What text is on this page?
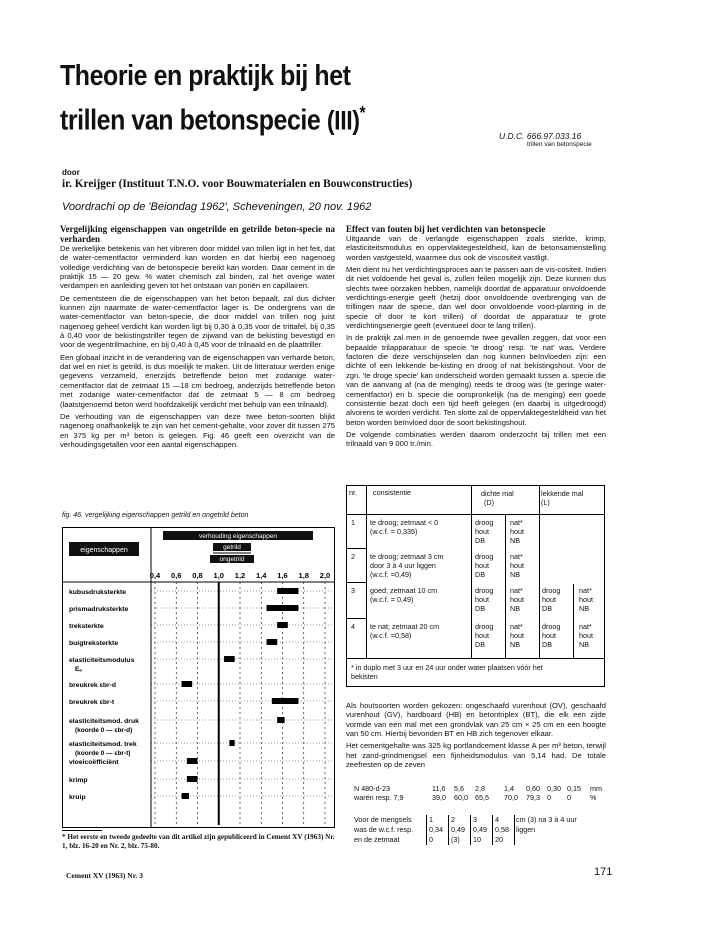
Theorie en praktijk bij het
trillen van betonspecie (III)*
U.D.C. 666.97.033.16
trillen van betonspecie
door
ir. Kreijger (Instituut T.N.O. voor Bouwmaterialen en Bouwconstructies)
Voordrachi op de 'Beiondag 1962', Scheveningen, 20 nov. 1962
Vergelijking eigenschappen van ongetrilde en getrilde beton-specie na verharden

De werkelijke betekenis van het vibreren door middel van trillen ligt in het feit, dat de water-cementfactor verminderd kan worden en dat hierbij een nagenoeg volledige verdichting van de betonspecie bereikt kan worden. Daar cement in de praktijk 15 — 20 gew. % water chemisch zal binden, zal het overige water verdampen en aanleiding geven tot het ontstaan van poriën en capillairen.

De cementsteen die de eigenschappen van het beton bepaalt, zal dus dichter kunnen zijn naarmate de water-cementfactor lager is. De ondergrens van de water-cementfactor van beton-specie, die door middel van trillen nog juist nagenoeg geheel verdicht kan worden ligt bij 0,30 à 0,35 voor de trittafel, bij 0,35 à 0,40 voor de bekistingstriller tegen de zijwand van de bekisting bevestigd en voor de wegentrilmachine, en bij 0,40 à 0,45 voor de trilnaald en de plaattriller.

Een globaal inzicht in de verandering van de eigenschappen van verharde beton, dat wel en niet is getrild, is dus moeilijk te maken. Uit de litteratuur werden enige gegevens verzameld, enerzijds betreffende beton met zodanige water-cementfactor dat de zetmaat 15 —18 cm bedroeg, anderzijds betreffende beton met zodanige water-cementfactor dat de zetmaat 5 — 8 cm bedroeg (laatstgenoemd beton werd hoofdzakelijk verdicht met behulp van een trilnaald).

De verhouding van de eigenschappen van deze twee beton-soorten blijkt nagenoeg onafhankelijk te zijn van het cement-gehalte, voor zover dit tussen 275 en 375 kg per m³ beton is gelegen. Fig. 46 geeft een overzicht van de verhoudingsgetallen voor een aantal eigenschappen.

fig. 46. vergelijking eigenschappen getrild en ongetrild beton
eigenschappen
verhouding eigenschappen
getrild
ongetrild
0,4 0,6 0,8 1,0 1,2 1,4 1,6 1,8 2,0
kubusdruksterkte
prismadruksterkte
treksterkte
buigtreksterkte
elasticiteitsmodulus
Eₐ
breukrek εbr-d
breukrek εbr-t
elasticiteitsmod. druk
(koorde 0 — εbr-d)
elasticiteitsmod. trek
(koorde 0 — εbr-t)
vloeicoëfficiënt
krimp
kruip
* Het eerste en tweede gedeelte van dit artikel zijn gepubliceerd in Cement XV (1963) Nr. 1, blz. 16-20 en Nr. 2, blz. 75-80.
Cement XV (1963) Nr. 3	171
Effect van fouten bij het verdichten van betonspecie

Uitgaande van de verlangde eigenschappen zoals sterkte, krimp, elasticiteitsmodulus en oppervlaktegesteldheid, kan de betonsamenstelling worden vastgesteld, waarmee dus ook de viscositeit vastligt.

Men dient nu het verdichtingsproces aan te passen aan de vis-cositeit. Indien dit niet voldoende het geval is, zullen feilen mogelijk zijn. Deze kunnen dus slechts twee oorzaken hebben, namelijk doordat de apparatuur onvoldoende verdichtings-energie geeft (hetzij door onvoldoende overbrenging van de trillingen naar de specie, dan wel door onvoldoende voort-planting in de specie of door te kort trillen) of doordat de apparatuur te grote verdichtingsenergie geeft (eventueel door te lang trillen).

In de praktijk zal men in de genoemde twee gevallen zeggen, dat voor een bepaalde trilapparatuur de specie 'te droog' resp. 'te nat' was. Verdere factoren die deze verschijnselen dan nog kunnen beïnvloeden zijn: een dichte of een lekkende be-kisting en droog of nat bekistingshout. Voor de zgn. 'te droge specie' kan onderscheid worden gemaakt tussen a. specie die van de aanvang af (na de menging) reeds te droog was (te geringe water-cementfactor) en b. specie die oorspronkelijk (na de menging) een goede consistentie bezat doch een tijd heeft gelegen (en daarbij is uitgedroogd) alvorens te worden verdicht. Ten slotte zal de oppervlaktegesteldheid van het beton worden beïnvloed door de soort bekistingshout.

De volgende combinaties werden daarom onderzocht bij trillen met een trilnaald van 9 000 tr./min.

nr. consistentie	dichte mal
(D)
lekkende mal
(L)
1 te droog; zetmaat < 0
(w.c.f. = 0,335)
droog
hout
DB
nat*
hout
NB
2 te droog; zetmaat 3 cm
door 3 à 4 uur liggen
(w.c.f. =0,49)
droog
hout
DB
nat*
hout
NB
3 goed; zetmaat 10 cm
(w.c.f. = 0,49)
droog
hout
DB
nat*
hout
NB
droog
hout
DB
nat*
hout
NB
4 te nat; zetmaat 20 cm
(w.c.f. =0,58)
droog
hout
DB
nat*
hout
NB
droog
hout
DB
nat*
hout
NB
* in duplo met 3 uur en 24 uur onder water plaatsen vóór het
bekisten

Als houtsoorten worden gekozen: ongeschaafd vurenhout (OV), geschaafd vurenhout (GV), hardboard (HB) en betontriplex (BT), die elk een zijde vormde van een mal met een grondvlak van 25 cm × 25 cm en een hoogte van 50 cm. Hierbij bevonden BT en HB zich tegenover elkaar.

Het cementgehalte was 325 kg portlandcement klasse A per m³ beton, terwijl het zand-grindmengsel een fijnheidsmodulus van 5,14 had. De totale zeefresten op de zeven

N 480-d-23
warén resp. 7,9
11,6
39,0
5,6
60,0
2,8
65,5
1,4
70,0
0,60
79,3
0,30
0
0,15
0
mm
%
Voor de mengsels
was de w.c.f. resp.
en de zetmaat
1
0,34
0
2
0,49
(3)
3
0,49
10
4
0,58
20
cm (3) na 3 à 4 uur
liggen
